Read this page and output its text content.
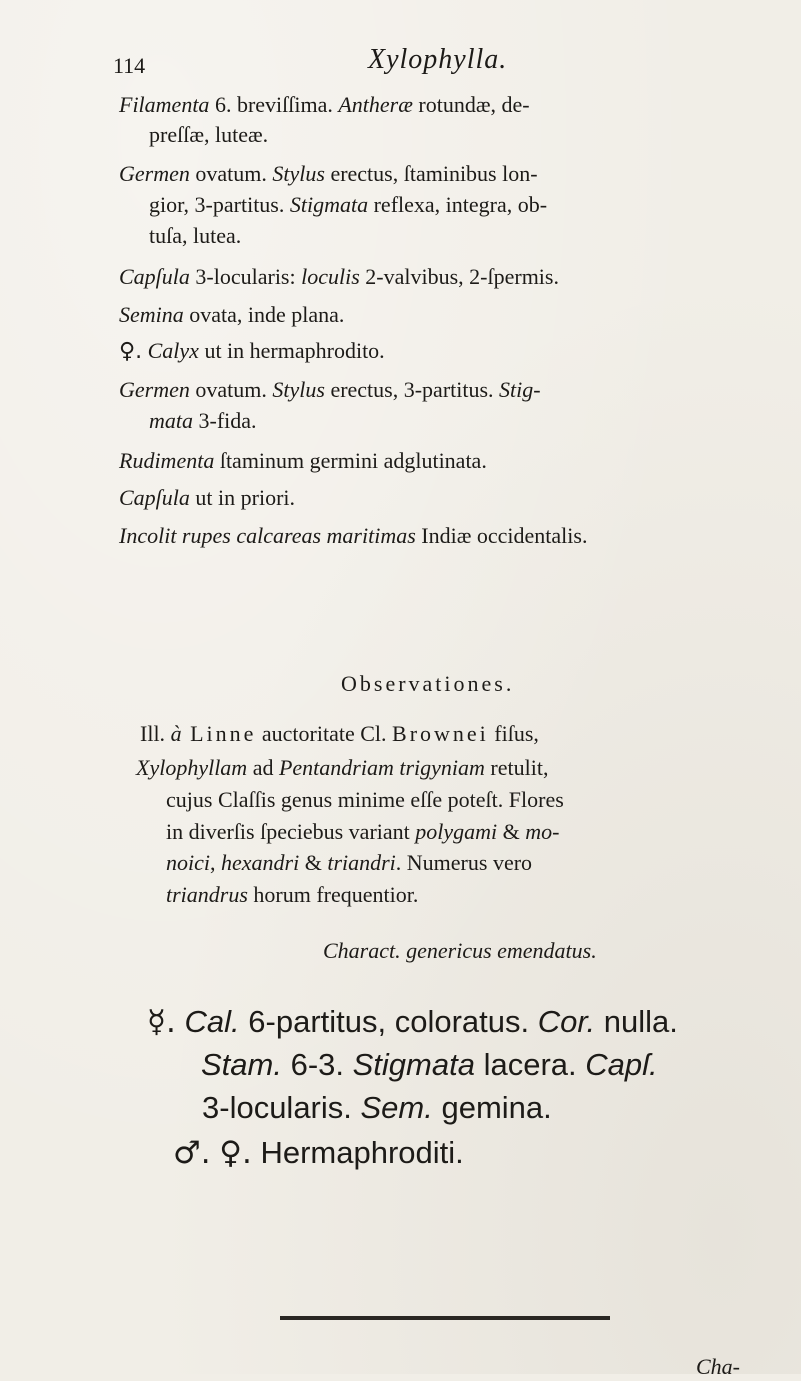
114	Xylophylla.
Filamenta 6. breviſſima. Antheræ rotundæ, de-
preſſæ, luteæ.
Germen ovatum. Stylus erectus, ſtaminibus lon-
gior, 3-partitus. Stigmata reflexa, integra, ob-
tuſa, lutea.
Capſula 3-locularis: loculis 2-valvibus, 2-ſpermis.
Semina ovata, inde plana.
♀. Calyx ut in hermaphrodito.
Germen ovatum. Stylus erectus, 3-partitus. Stig-
mata 3-fida.
Rudimenta ſtaminum germini adglutinata.
Capſula ut in priori.
Incolit rupes calcareas maritimas Indiæ occidentalis.
Observationes.
Ill. à Linne auctoritate Cl. Brownei fiſus,
Xylophyllam ad Pentandriam trigyniam retulit,
cujus Claſſis genus minime eſſe poteſt. Flores
in diverſis ſpeciebus variant polygami & mo-
noici, hexandri & triandri. Numerus vero
triandrus horum frequentior.
Charact. genericus emendatus.
☿. Cal. 6-partitus, coloratus. Cor. nulla.
Stam. 6-3. Stigmata lacera. Capſ.
3-locularis. Sem. gemina.
♂. ♀. Hermaphroditi.
Cha-
